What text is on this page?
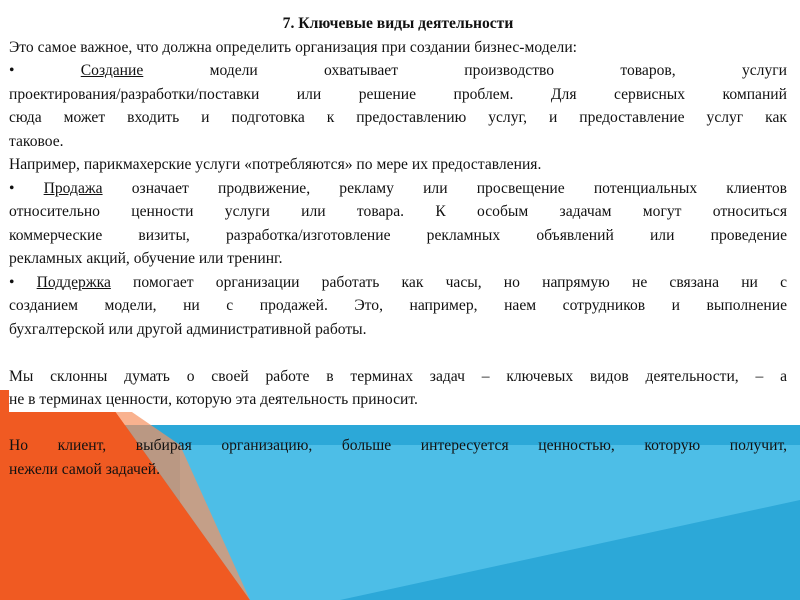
7. Ключевые виды деятельности

Это самое важное, что должна определить организация при создании бизнес-модели:

•	Создание модели охватывает производство товаров, услуги

проектирования/разработки/поставки или решение проблем. Для сервисных компаний

сюда может входить и подготовка к предоставлению услуг, и предоставление услуг как

таковое.

Например, парикмахерские услуги «потребляются» по мере их предоставления.

• Продажа означает продвижение, рекламу или просвещение потенциальных клиентов

относительно ценности услуги или товара. К особым задачам могут относиться

коммерческие визиты, разработка/изготовление рекламных объявлений или проведение

рекламных акций, обучение или тренинг.

• Поддержка помогает организации работать как часы, но напрямую не связана ни с

созданием модели, ни с продажей. Это, например, наем сотрудников и выполнение

бухгалтерской или другой административной работы.

Мы склонны думать о своей работе в терминах задач – ключевых видов деятельности, – а

не в терминах ценности, которую эта деятельность приносит.

Но клиент, выбирая организацию, больше интересуется ценностью, которую получит,

нежели самой задачей.
